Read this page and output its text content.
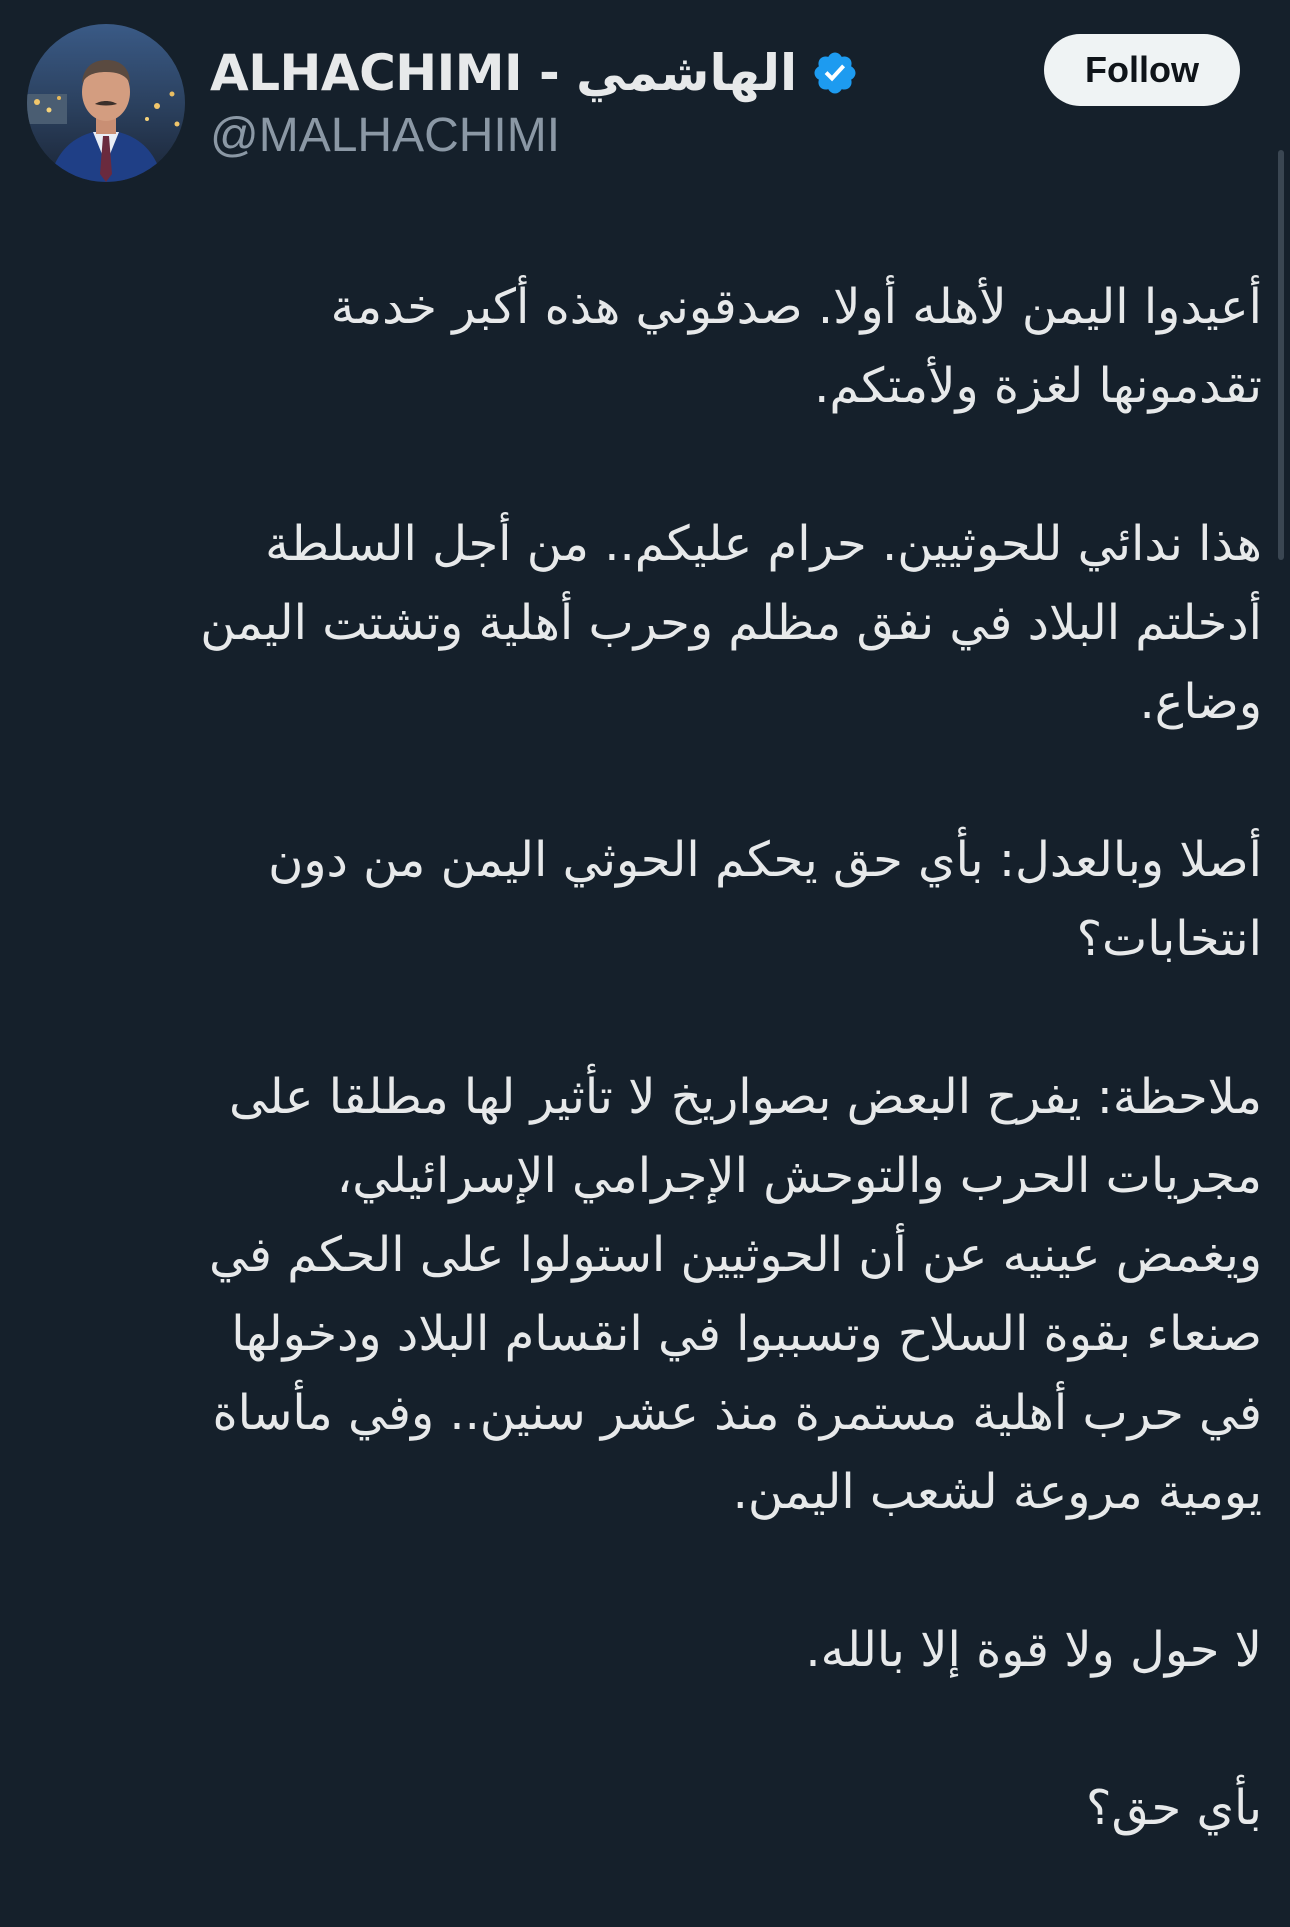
ALHACHIMI - الهاشمي
@MALHACHIMI
Follow

أعيدوا اليمن لأهله أولا. صدقوني هذه أكبر خدمة
تقدمونها لغزة ولأمتكم.

هذا ندائي للحوثيين. حرام عليكم.. من أجل السلطة
أدخلتم البلاد في نفق مظلم وحرب أهلية وتشتت اليمن
وضاع.

أصلا وبالعدل: بأي حق يحكم الحوثي اليمن من دون
انتخابات؟

ملاحظة: يفرح البعض بصواريخ لا تأثير لها مطلقا على
مجريات الحرب والتوحش الإجرامي الإسرائيلي،
ويغمض عينيه عن أن الحوثيين استولوا على الحكم في
صنعاء بقوة السلاح وتسببوا في انقسام البلاد ودخولها
في حرب أهلية مستمرة منذ عشر سنين.. وفي مأساة
يومية مروعة لشعب اليمن.

لا حول ولا قوة إلا بالله.

بأي حق؟
